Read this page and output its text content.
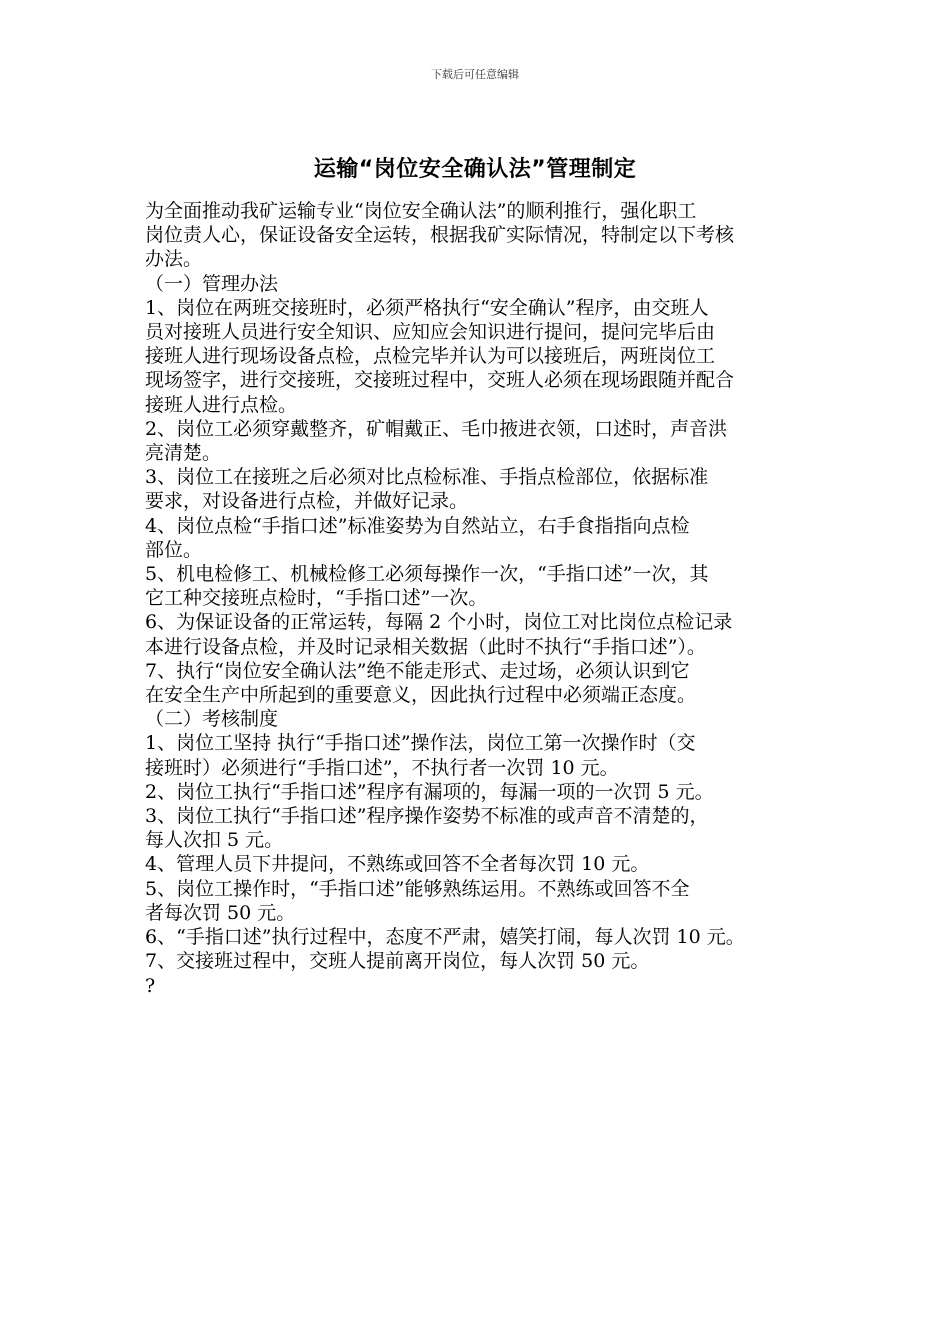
下载后可任意编辑
运输“岗位安全确认法”管理制定
为全面推动我矿运输专业“岗位安全确认法”的顺利推行，强化职工
岗位责人心，保证设备安全运转，根据我矿实际情况，特制定以下考核
办法。
（一）管理办法
1、岗位在两班交接班时，必须严格执行“安全确认”程序，由交班人
员对接班人员进行安全知识、应知应会知识进行提问，提问完毕后由
接班人进行现场设备点检，点检完毕并认为可以接班后，两班岗位工
现场签字，进行交接班，交接班过程中，交班人必须在现场跟随并配合
接班人进行点检。
2、岗位工必须穿戴整齐，矿帽戴正、毛巾掖进衣领，口述时，声音洪
亮清楚。
3、岗位工在接班之后必须对比点检标准、手指点检部位，依据标准
要求，对设备进行点检，并做好记录。
4、岗位点检“手指口述”标准姿势为自然站立，右手食指指向点检
部位。
5、机电检修工、机械检修工必须每操作一次，“手指口述”一次，其
它工种交接班点检时，“手指口述”一次。
6、为保证设备的正常运转，每隔 2 个小时，岗位工对比岗位点检记录
本进行设备点检，并及时记录相关数据（此时不执行“手指口述”）。
7、执行“岗位安全确认法”绝不能走形式、走过场，必须认识到它
在安全生产中所起到的重要意义，因此执行过程中必须端正态度。
（二）考核制度
1、岗位工坚持 执行“手指口述”操作法，岗位工第一次操作时（交
接班时）必须进行“手指口述”，不执行者一次罚 10 元。
2、岗位工执行“手指口述”程序有漏项的，每漏一项的一次罚 5 元。
3、岗位工执行“手指口述”程序操作姿势不标准的或声音不清楚的，
每人次扣 5 元。
4、管理人员下井提问，不熟练或回答不全者每次罚 10 元。
5、岗位工操作时，“手指口述”能够熟练运用。不熟练或回答不全
者每次罚 50 元。
6、“手指口述”执行过程中，态度不严肃，嬉笑打闹，每人次罚 10 元。
7、交接班过程中，交班人提前离开岗位，每人次罚 50 元。
?
